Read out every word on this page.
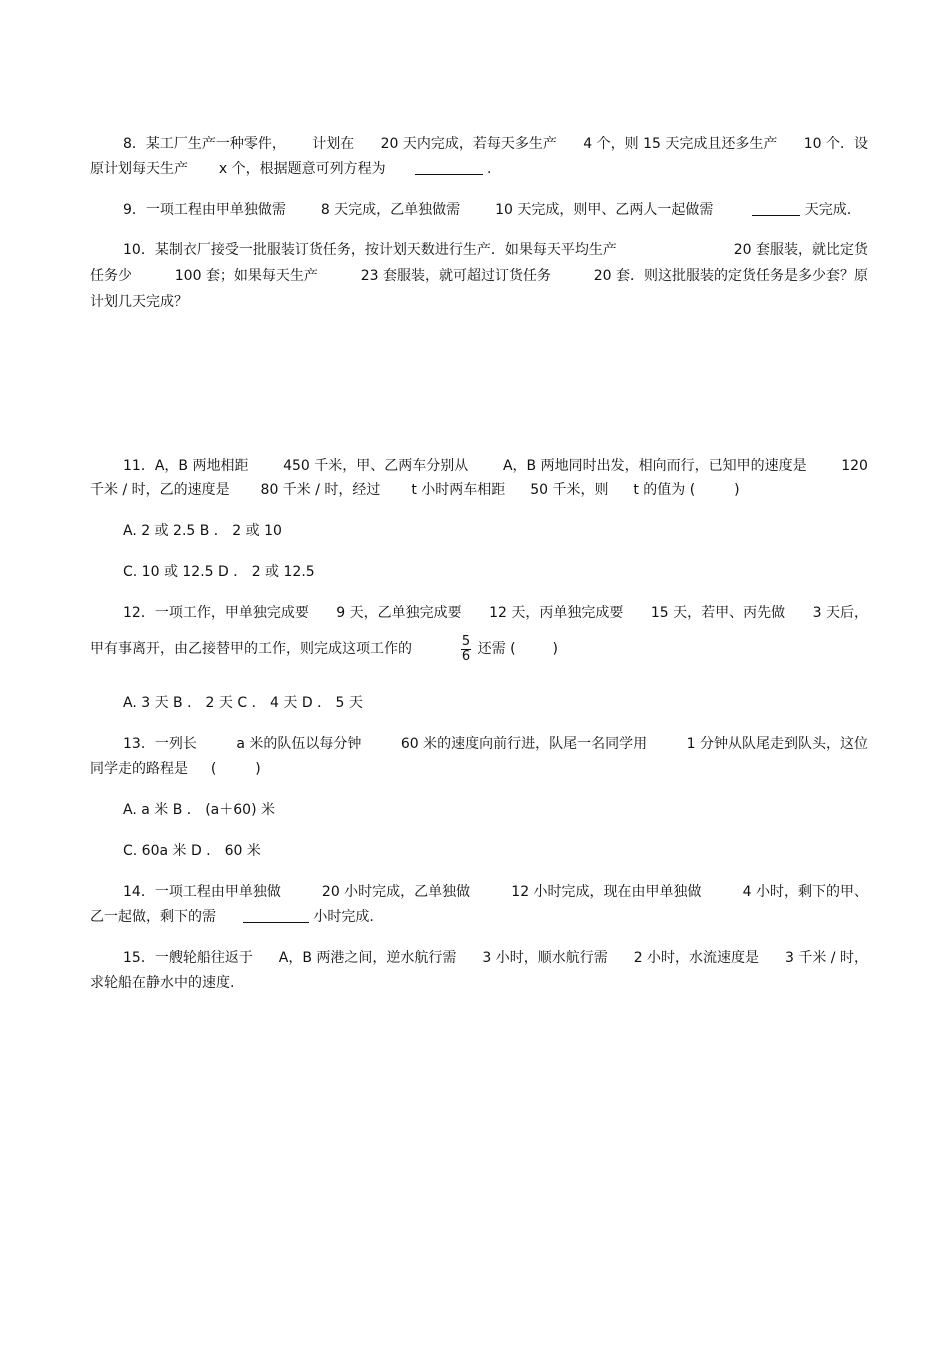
8．某工厂生产一种零件， 计划在 20 天内完成，若每天多生产 4 个，则 15 天完成且还多生产 10 个．设
原计划每天生产 x 个，根据题意可列方程为	.
9．一项工程由甲单独做需 8 天完成，乙单独做需 10 天完成，则甲、乙两人一起做需	天完成.
10．某制衣厂接受一批服装订货任务，按计划天数进行生产．如果每天平均生产	20 套服装，就比定货
任务少	100 套；如果每天生产	23 套服装，就可超过订货任务	20 套．则这批服装的定货任务是多少套？原
计划几天完成？
11．A，B 两地相距 450 千米，甲、乙两车分别从 A，B 两地同时出发，相向而行，已知甲的速度是 120
千米 / 时，乙的速度是 80 千米 / 时，经过 t 小时两车相距 50 千米，则 t 的值为 (	)
A. 2 或 2.5 B ． 2 或 10
C. 10 或 12.5 D ． 2 或 12.5
12．一项工作，甲单独完成要 9 天，乙单独完成要 12 天，丙单独完成要 15 天，若甲、丙先做 3 天后，
甲有事离开，由乙接替甲的工作，则完成这项工作的	$\frac{5}{6}$ 还需 (	)
A. 3 天 B ． 2 天 C ． 4 天 D ． 5 天
13．一列长	a 米的队伍以每分钟	60 米的速度向前行进，队尾一名同学用	1 分钟从队尾走到队头，这位
同学走的路程是 (	)
A. a 米 B ． (a＋60) 米
C. 60a 米 D ． 60 米
14．一项工程由甲单独做	20 小时完成，乙单独做	12 小时完成，现在由甲单独做	4 小时，剩下的甲、
乙一起做，剩下的需	小时完成.
15．一艘轮船往返于 A，B 两港之间，逆水航行需 3 小时，顺水航行需 2 小时，水流速度是 3 千米 / 时，
求轮船在静水中的速度.
